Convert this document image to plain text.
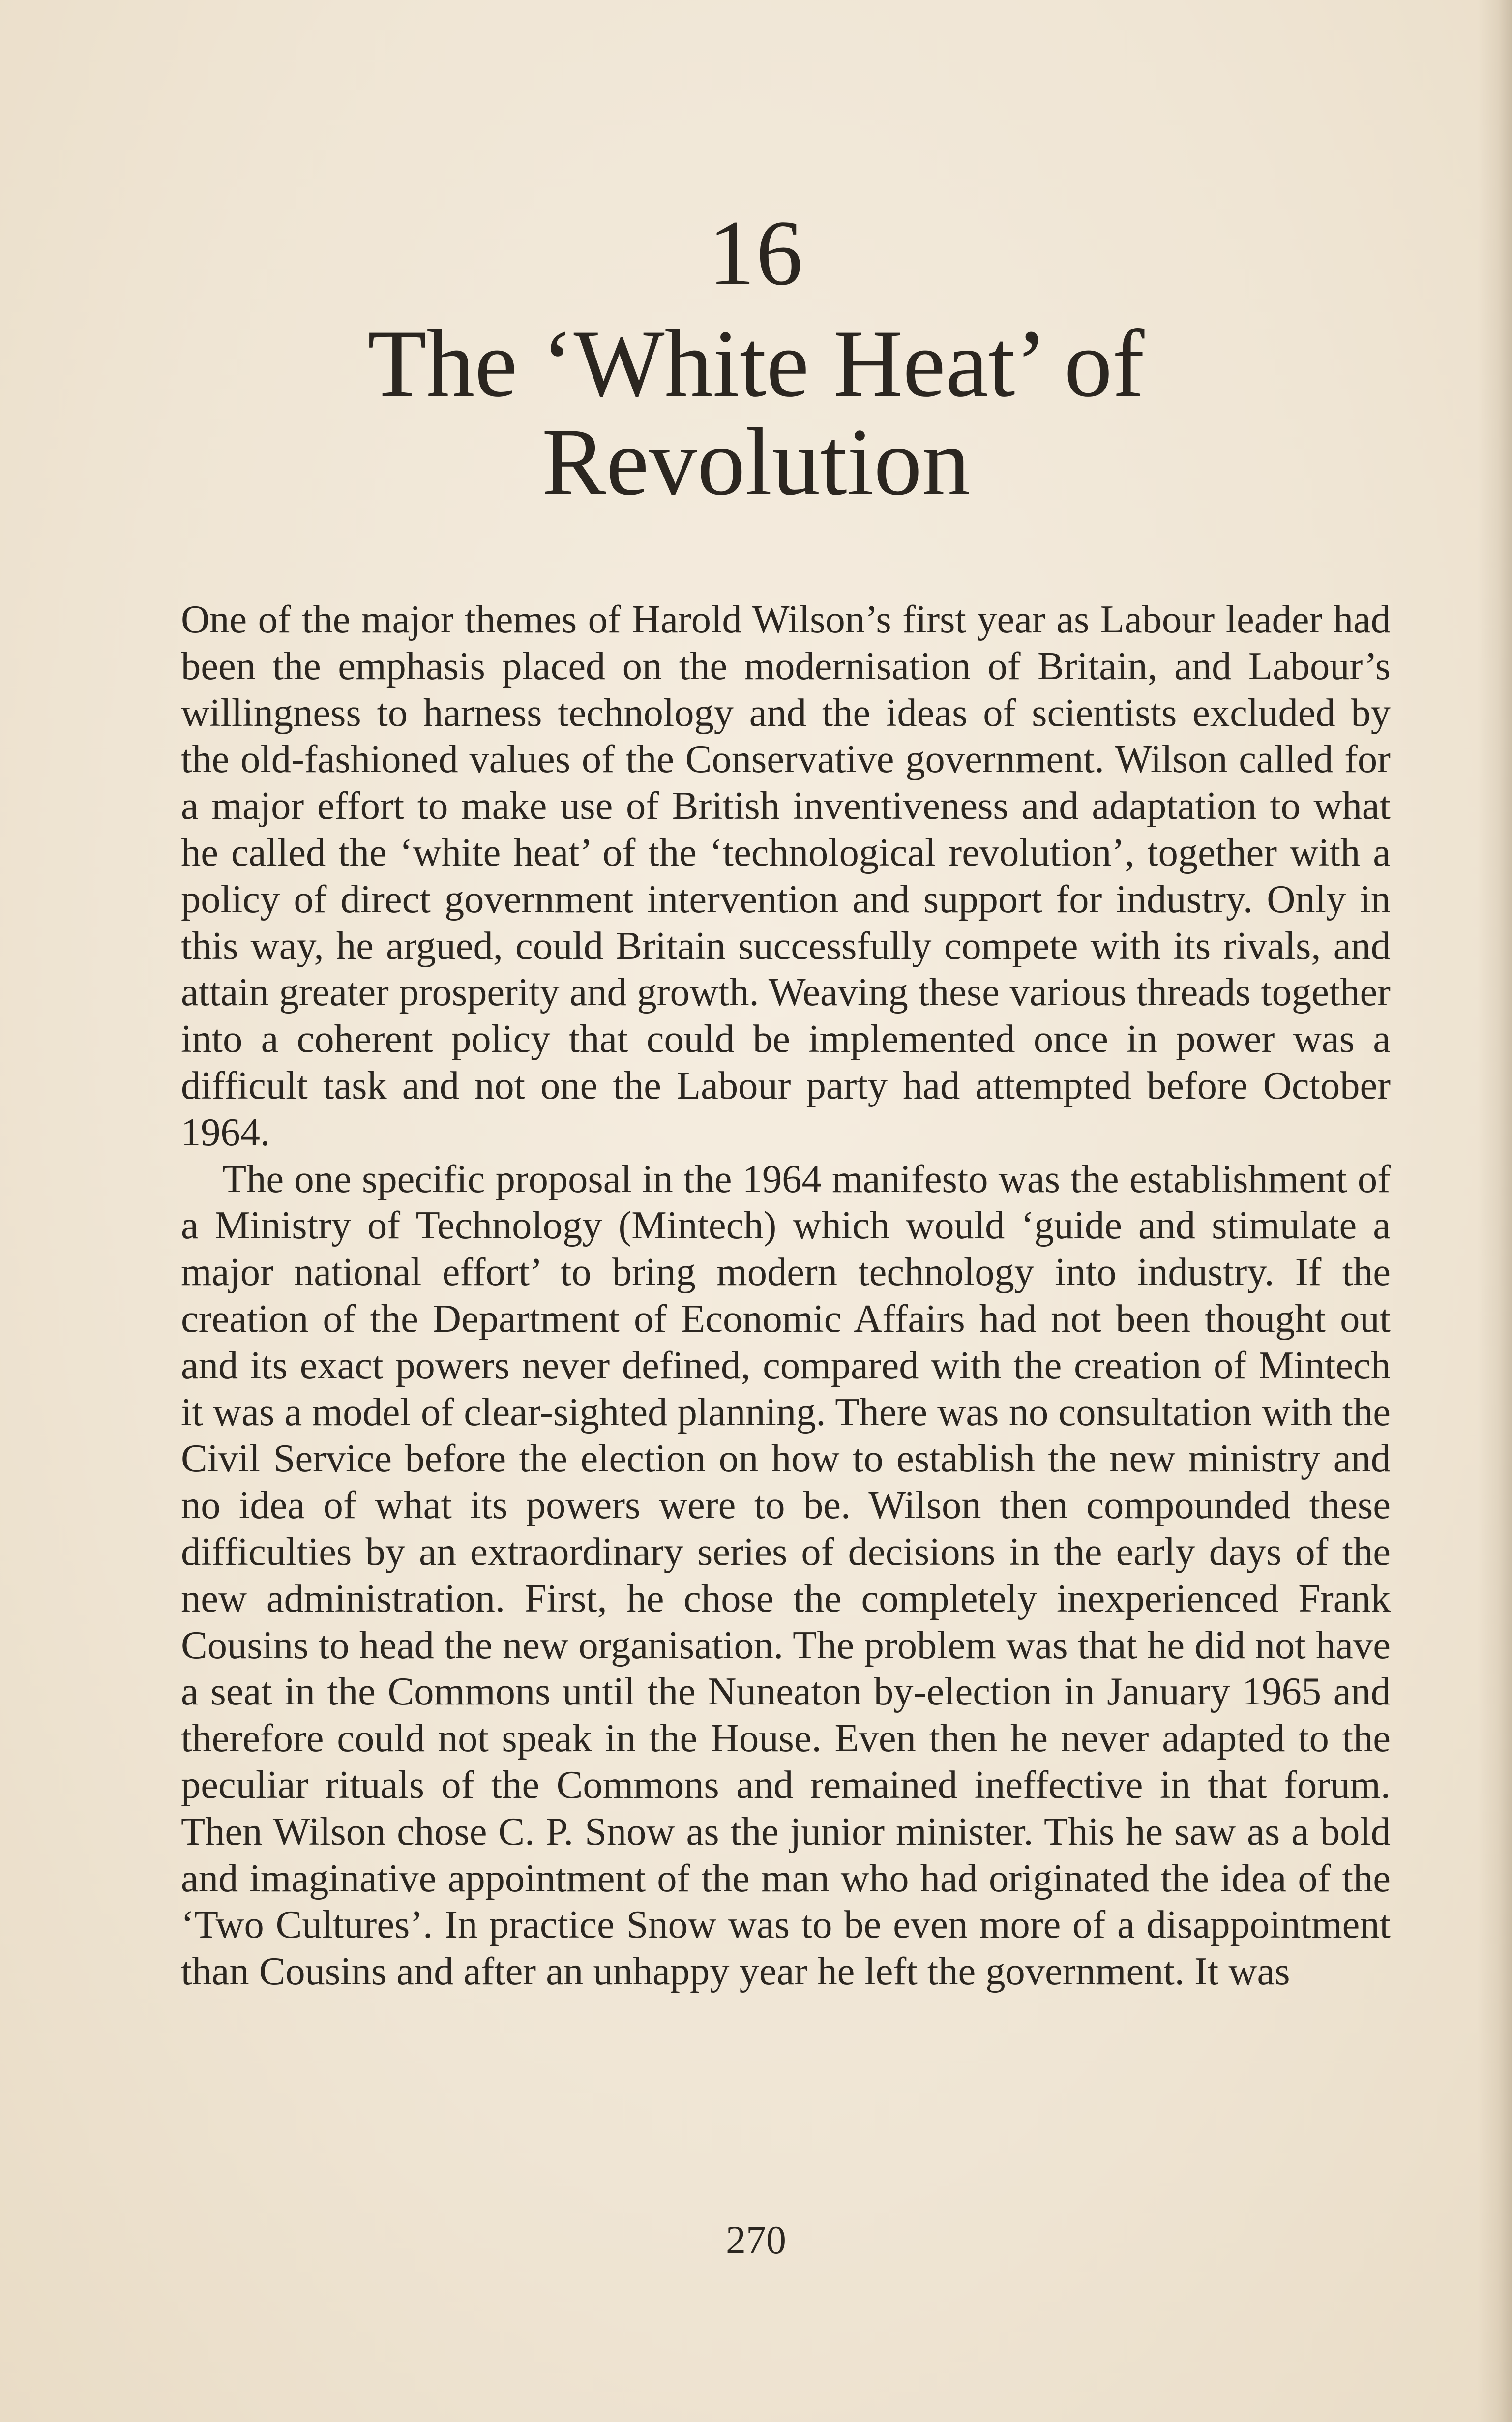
16
The ‘White Heat’ of
Revolution

One of the major themes of Harold Wilson’s first year as Labour leader had been the emphasis placed on the modernisation of Britain, and Labour’s willingness to harness technology and the ideas of scientists excluded by the old-fashioned values of the Conservative government. Wilson called for a major effort to make use of British inventiveness and adaptation to what he called the ‘white heat’ of the ‘technological revolution’, together with a policy of direct government intervention and support for industry. Only in this way, he argued, could Britain successfully compete with its rivals, and attain greater prosperity and growth. Weaving these various threads together into a coherent policy that could be implemented once in power was a difficult task and not one the Labour party had attempted before October 1964.

The one specific proposal in the 1964 manifesto was the establishment of a Ministry of Technology (Mintech) which would ‘guide and stimulate a major national effort’ to bring modern technology into industry. If the creation of the Department of Economic Affairs had not been thought out and its exact powers never defined, compared with the creation of Mintech it was a model of clear-sighted planning. There was no consultation with the Civil Service before the election on how to establish the new ministry and no idea of what its powers were to be. Wilson then compounded these difficulties by an extraordinary series of decisions in the early days of the new administration. First, he chose the completely inexperienced Frank Cousins to head the new organisation. The problem was that he did not have a seat in the Commons until the Nuneaton by-election in January 1965 and therefore could not speak in the House. Even then he never adapted to the peculiar rituals of the Commons and remained ineffective in that forum. Then Wilson chose C. P. Snow as the junior minister. This he saw as a bold and imaginative appointment of the man who had originated the idea of the ‘Two Cultures’. In practice Snow was to be even more of a disappointment than Cousins and after an unhappy year he left the government. It was

270
